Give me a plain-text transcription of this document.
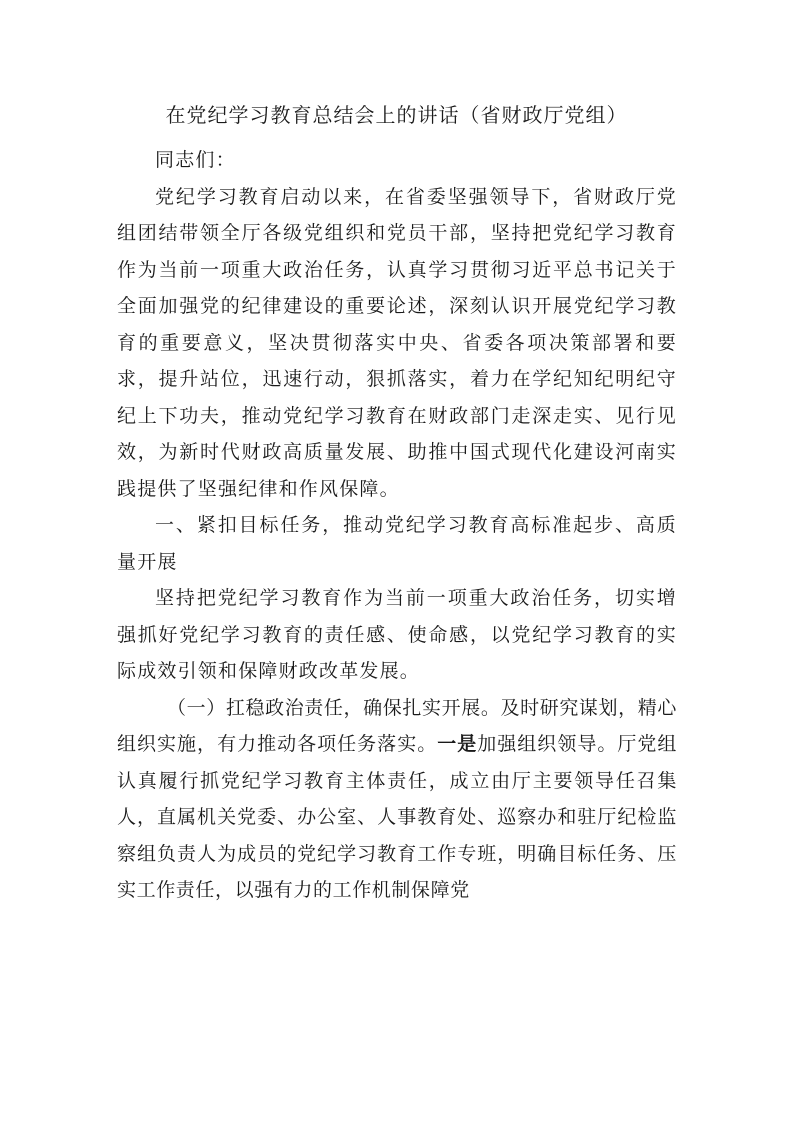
在党纪学习教育总结会上的讲话（省财政厅党组）

同志们：

党纪学习教育启动以来，在省委坚强领导下，省财政厅党组团结带领全厅各级党组织和党员干部，坚持把党纪学习教育作为当前一项重大政治任务，认真学习贯彻习近平总书记关于全面加强党的纪律建设的重要论述，深刻认识开展党纪学习教育的重要意义，坚决贯彻落实中央、省委各项决策部署和要求，提升站位，迅速行动，狠抓落实，着力在学纪知纪明纪守纪上下功夫，推动党纪学习教育在财政部门走深走实、见行见效，为新时代财政高质量发展、助推中国式现代化建设河南实践提供了坚强纪律和作风保障。

一、紧扣目标任务，推动党纪学习教育高标准起步、高质量开展

坚持把党纪学习教育作为当前一项重大政治任务，切实增强抓好党纪学习教育的责任感、使命感，以党纪学习教育的实际成效引领和保障财政改革发展。

（一）扛稳政治责任，确保扎实开展。及时研究谋划，精心组织实施，有力推动各项任务落实。一是加强组织领导。厅党组认真履行抓党纪学习教育主体责任，成立由厅主要领导任召集人，直属机关党委、办公室、人事教育处、巡察办和驻厅纪检监察组负责人为成员的党纪学习教育工作专班，明确目标任务、压实工作责任，以强有力的工作机制保障党
